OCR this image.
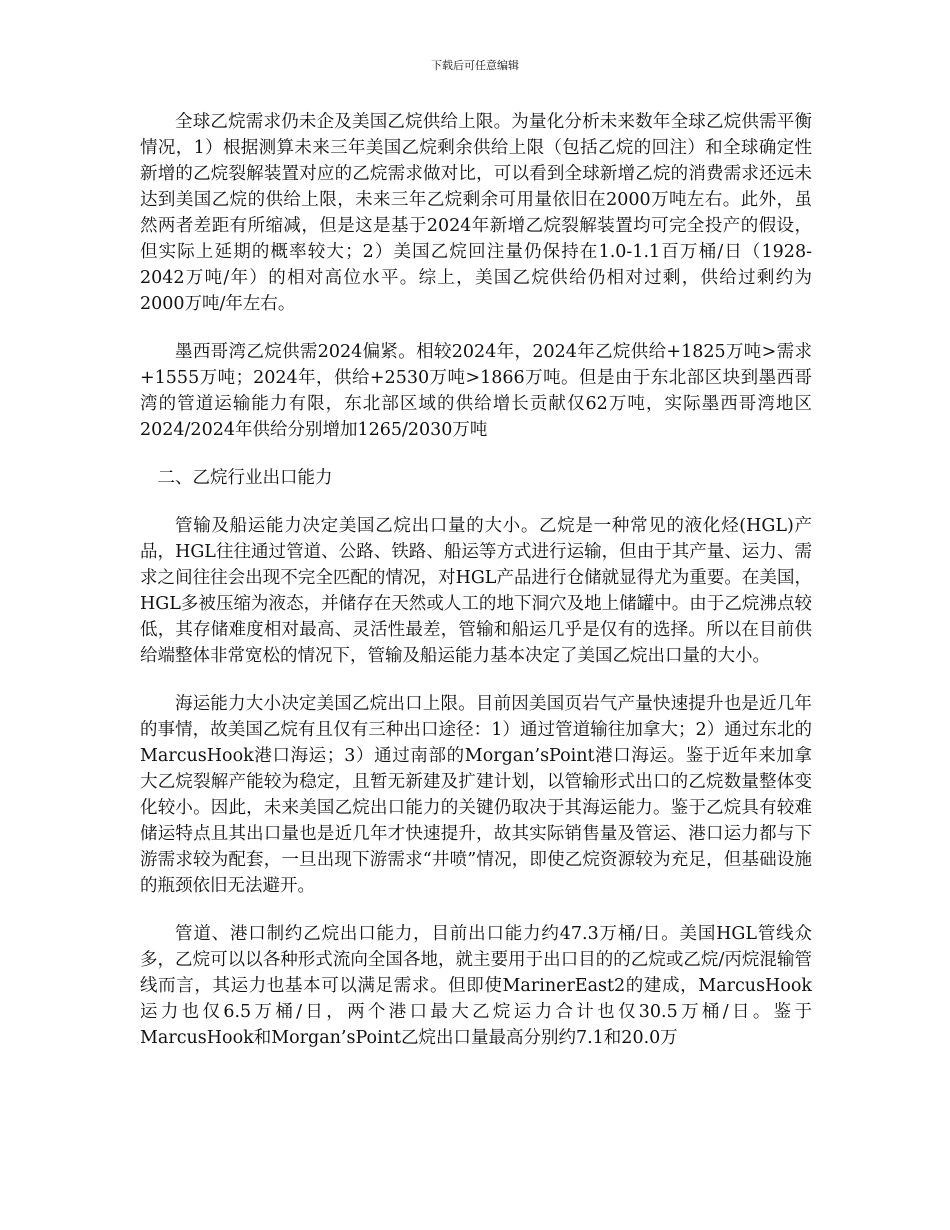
下载后可任意编辑

全球乙烷需求仍未企及美国乙烷供给上限。为量化分析未来数年全球乙烷供需平衡情况，1）根据测算未来三年美国乙烷剩余供给上限（包括乙烷的回注）和全球确定性新增的乙烷裂解装置对应的乙烷需求做对比，可以看到全球新增乙烷的消费需求还远未达到美国乙烷的供给上限，未来三年乙烷剩余可用量依旧在2000万吨左右。此外，虽然两者差距有所缩减，但是这是基于2024年新增乙烷裂解装置均可完全投产的假设，但实际上延期的概率较大；2）美国乙烷回注量仍保持在1.0-1.1百万桶/日（1928-2042万吨/年）的相对高位水平。综上，美国乙烷供给仍相对过剩，供给过剩约为2000万吨/年左右。

墨西哥湾乙烷供需2024偏紧。相较2024年，2024年乙烷供给+1825万吨>需求+1555万吨；2024年，供给+2530万吨>1866万吨。但是由于东北部区块到墨西哥湾的管道运输能力有限，东北部区域的供给增长贡献仅62万吨，实际墨西哥湾地区2024/2024年供给分别增加1265/2030万吨

二、乙烷行业出口能力

管输及船运能力决定美国乙烷出口量的大小。乙烷是一种常见的液化烃(HGL)产品，HGL往往通过管道、公路、铁路、船运等方式进行运输，但由于其产量、运力、需求之间往往会出现不完全匹配的情况，对HGL产品进行仓储就显得尤为重要。在美国，HGL多被压缩为液态，并储存在天然或人工的地下洞穴及地上储罐中。由于乙烷沸点较低，其存储难度相对最高、灵活性最差，管输和船运几乎是仅有的选择。所以在目前供给端整体非常宽松的情况下，管输及船运能力基本决定了美国乙烷出口量的大小。

海运能力大小决定美国乙烷出口上限。目前因美国页岩气产量快速提升也是近几年的事情，故美国乙烷有且仅有三种出口途径：1）通过管道输往加拿大；2）通过东北的MarcusHook港口海运；3）通过南部的Morgan’sPoint港口海运。鉴于近年来加拿大乙烷裂解产能较为稳定，且暂无新建及扩建计划，以管输形式出口的乙烷数量整体变化较小。因此，未来美国乙烷出口能力的关键仍取决于其海运能力。鉴于乙烷具有较难储运特点且其出口量也是近几年才快速提升，故其实际销售量及管运、港口运力都与下游需求较为配套，一旦出现下游需求“井喷”情况，即使乙烷资源较为充足，但基础设施的瓶颈依旧无法避开。

管道、港口制约乙烷出口能力，目前出口能力约47.3万桶/日。美国HGL管线众多，乙烷可以以各种形式流向全国各地，就主要用于出口目的的乙烷或乙烷/丙烷混输管线而言，其运力也基本可以满足需求。但即使MarinerEast2的建成，MarcusHook运力也仅6.5万桶/日，两个港口最大乙烷运力合计也仅30.5万桶/日。鉴于MarcusHook和Morgan’sPoint乙烷出口量最高分别约7.1和20.0万
